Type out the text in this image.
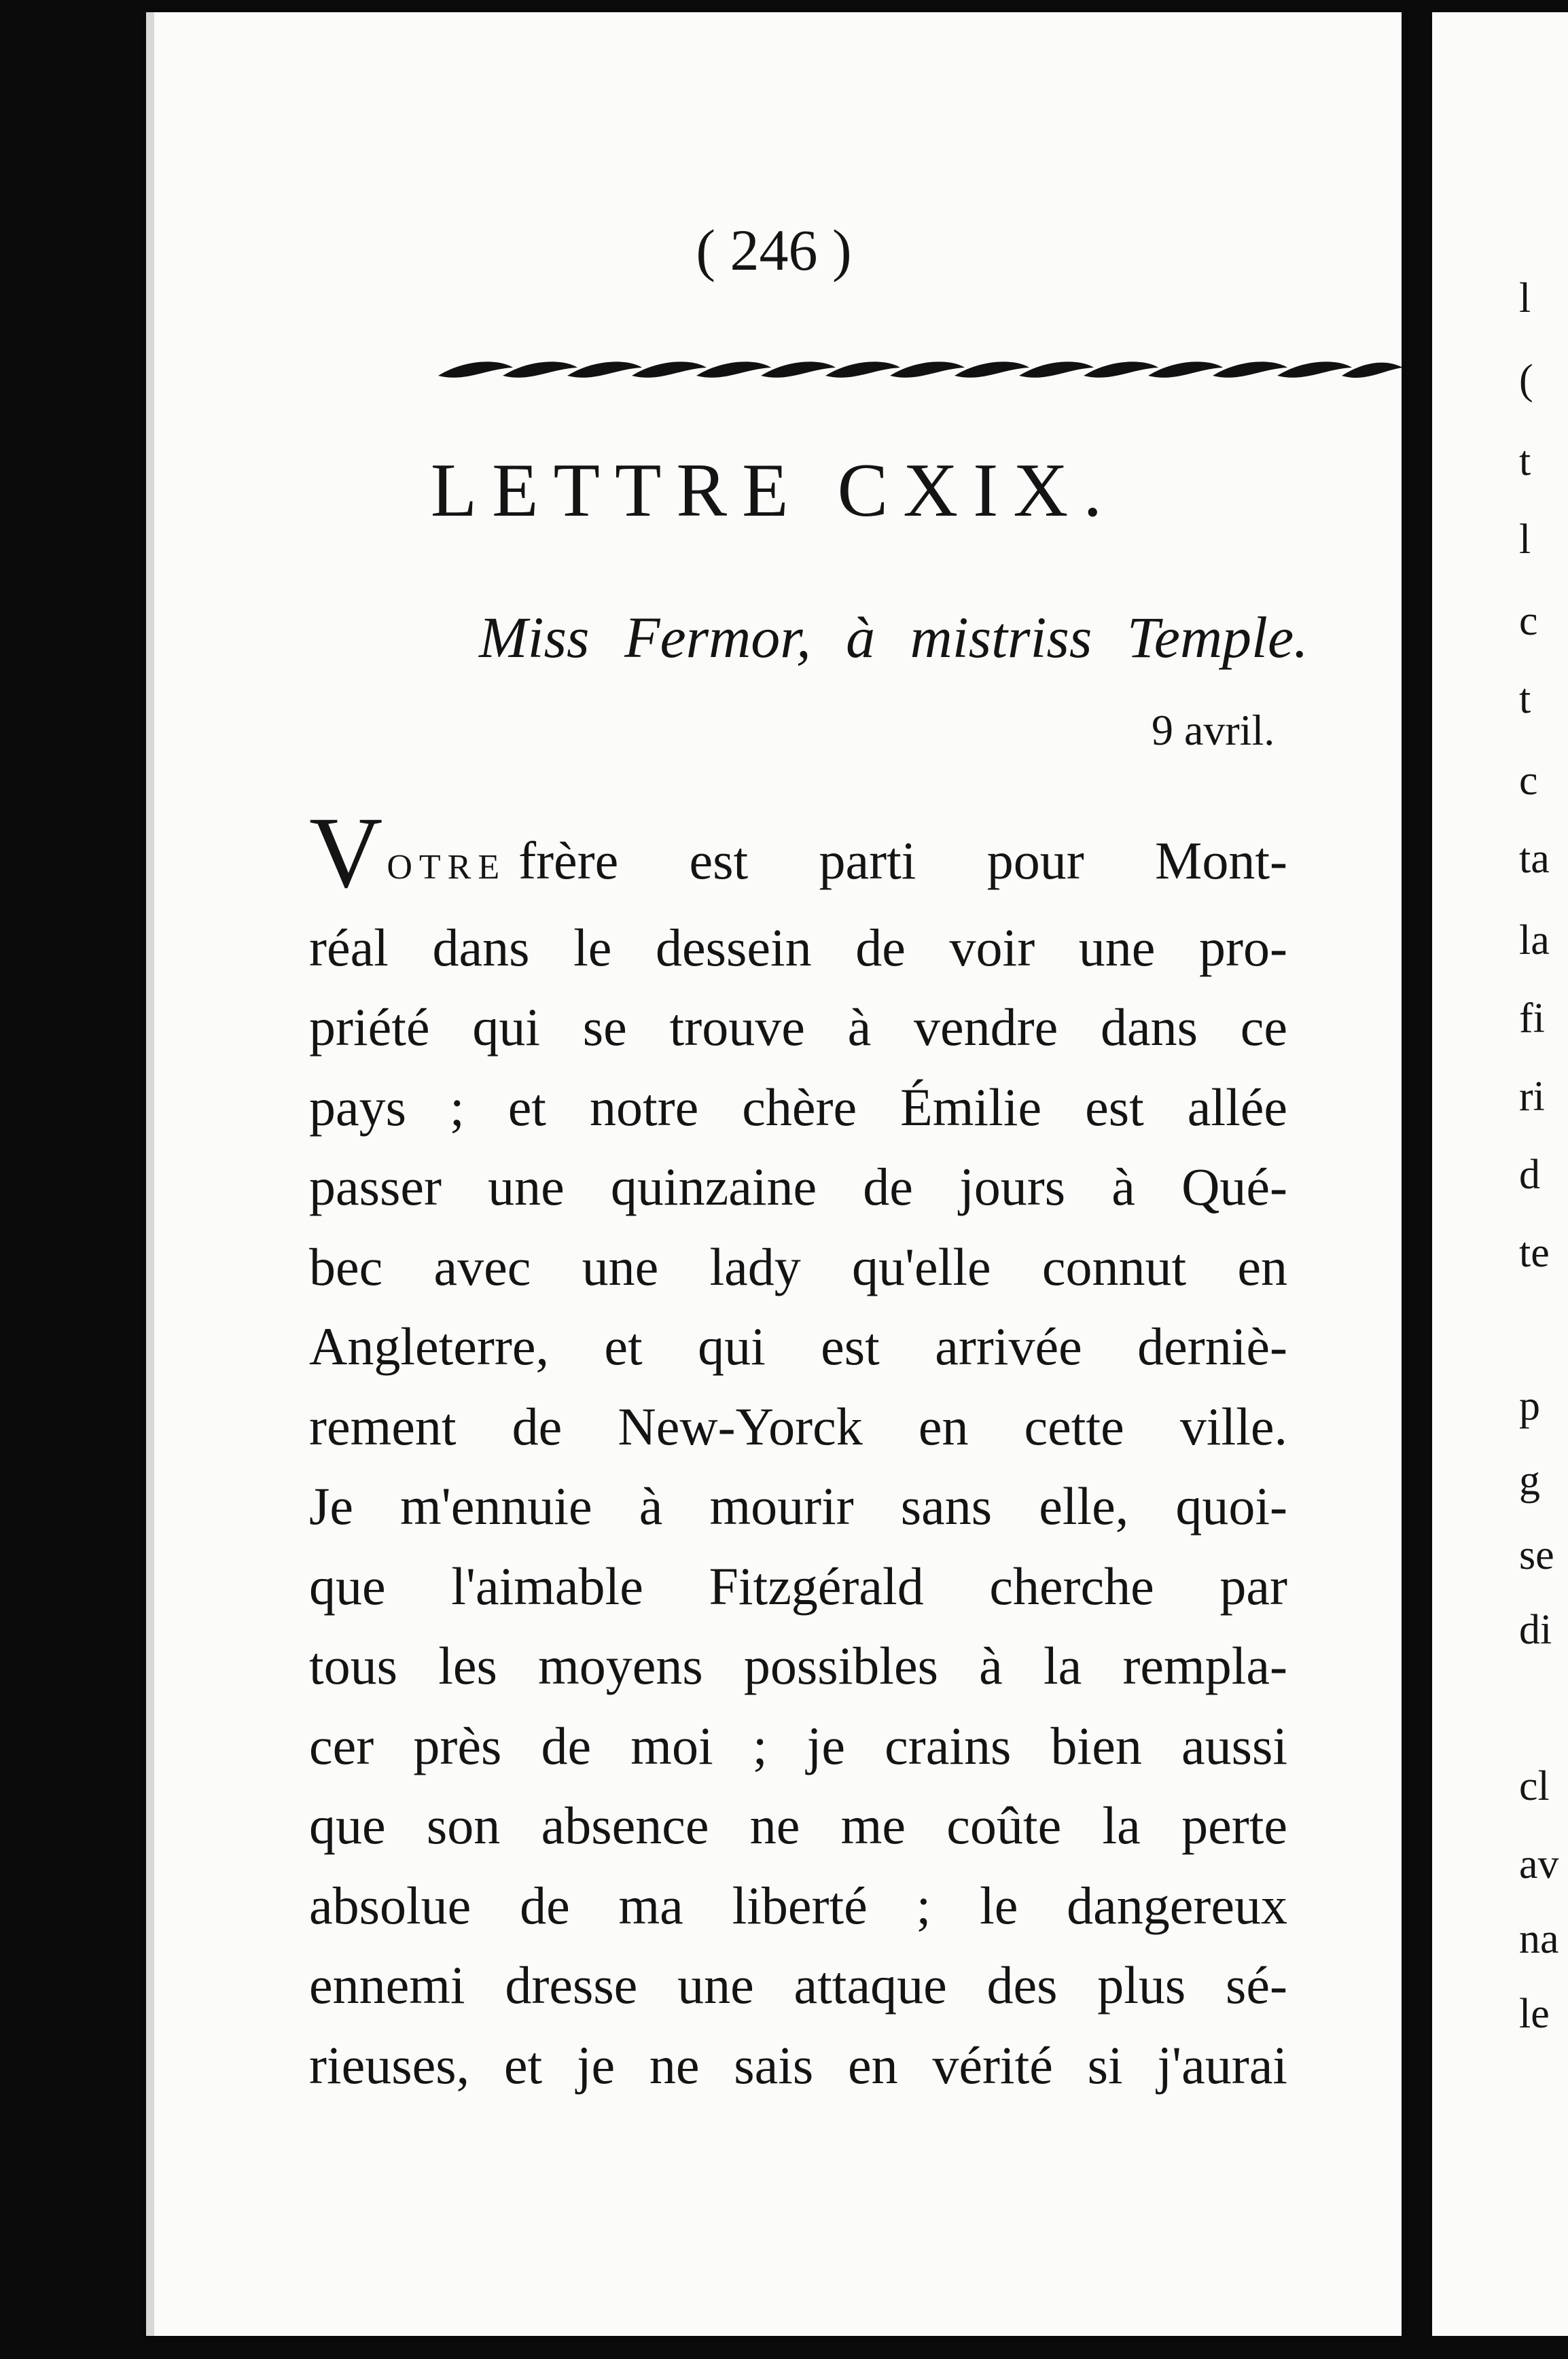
( 246 )
LETTRE CXIX.
Miss Fermor, à mistriss Temple.
9 avril.
VOTRE frère est parti pour Mont-
réal dans le dessein de voir une pro-
priété qui se trouve à vendre dans ce
pays ; et notre chère Émilie est allée
passer une quinzaine de jours à Qué-
bec avec une lady qu'elle connut en
Angleterre, et qui est arrivée derniè-
rement de New-Yorck en cette ville.
Je m'ennuie à mourir sans elle, quoi-
que l'aimable Fitzgérald cherche par
tous les moyens possibles à la rempla-
cer près de moi ; je crains bien aussi
que son absence ne me coûte la perte
absolue de ma liberté ; le dangereux
ennemi dresse une attaque des plus sé-
rieuses, et je ne sais en vérité si j'aurai
l
(
t
l
c
t
c
ta
la
fi
ri
d
te
p
g
se
di
cl
av
na
le
